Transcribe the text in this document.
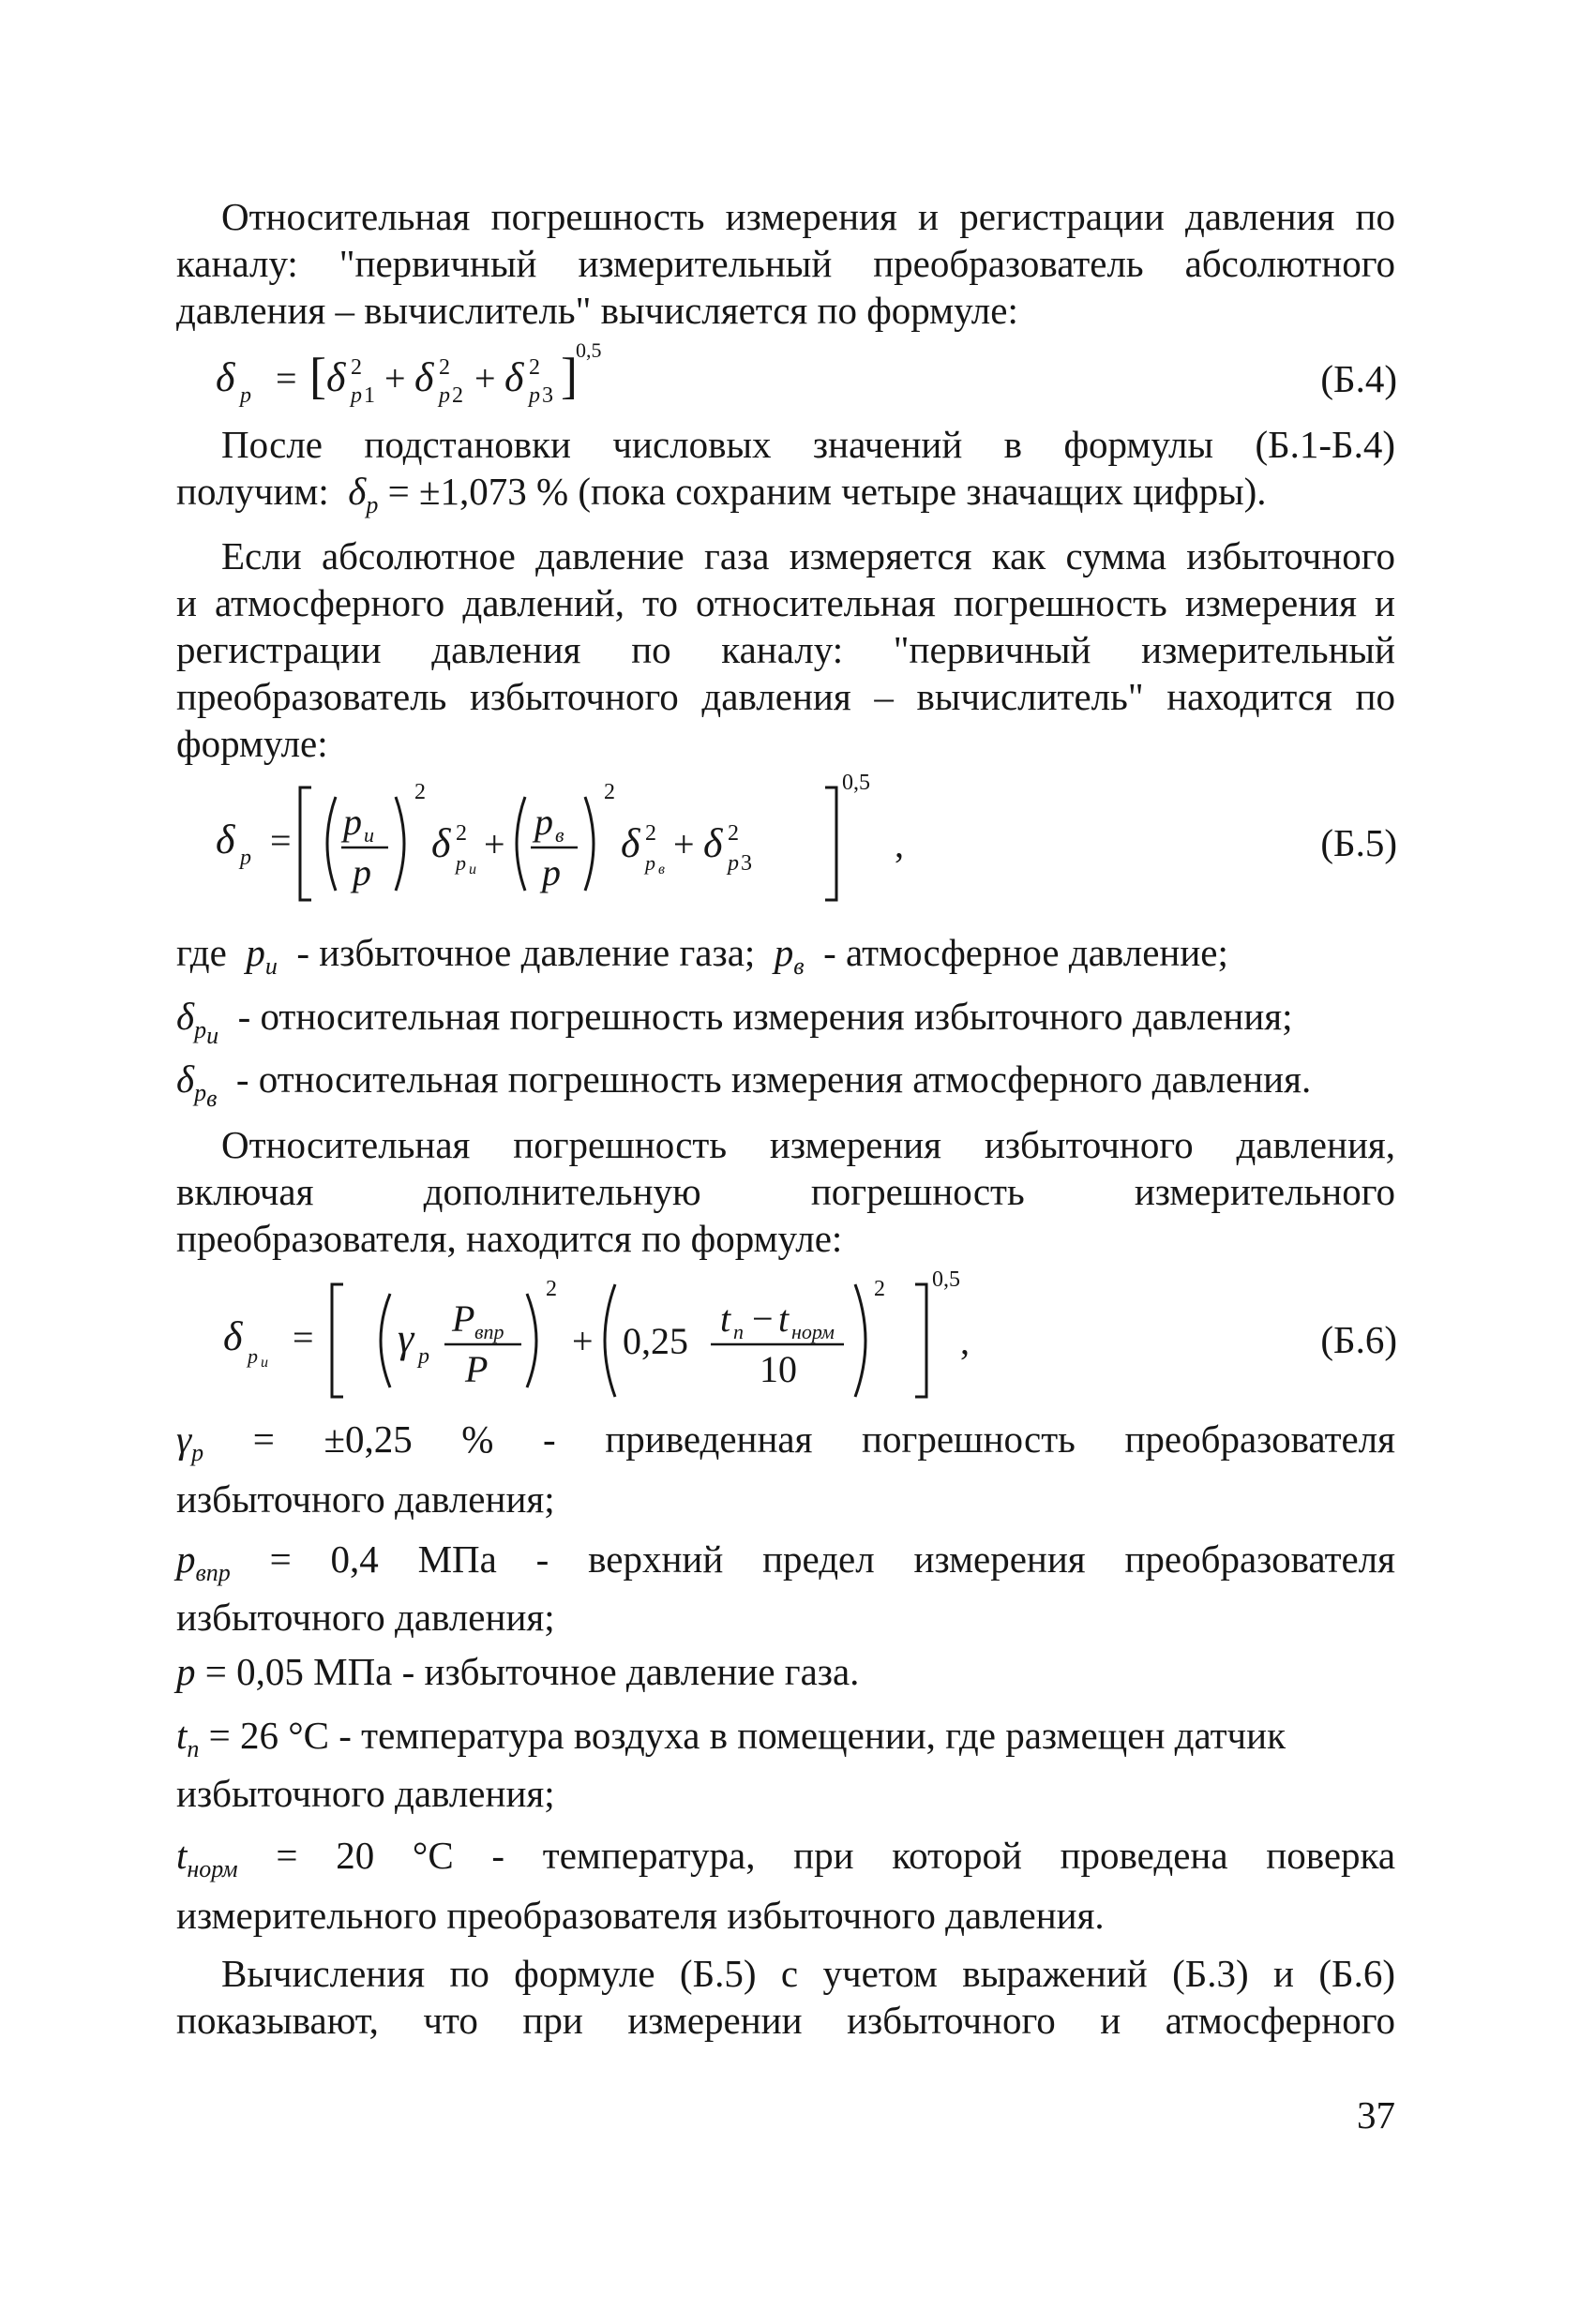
Относительная погрешность измерения и регистрации давления по

каналу: "первичный измерительный преобразователь абсолютного

давления – вычислитель" вычисляется по формуле:

δ p = [ δ 2
p 1 + δ 2
p 2 + δ 2
p 3 ]
0,5
(Б.4)

После подстановки числовых значений в формулы (Б.1-Б.4)

получим:  $\delta_p = \pm 1,073$ % (пока сохраним четыре значащих цифры).

Если абсолютное давление газа измеряется как сумма избыточного

и атмосферного давлений, то относительная погрешность измерения и

регистрации давления по каналу: "первичный измерительный

преобразователь избыточного давления – вычислитель" находится по

формуле:

δ p = p и
p
2
δ 2
p и
+
p в
p
2
δ 2
p в
+ δ 2
p 3
0,5
,	(Б.5)

где  $p_и$ - избыточное давление газа;  $p_в$ - атмосферное давление;

$\delta_{p_и}$ - относительная погрешность измерения избыточного давления;

$\delta_{p_в}$ - относительная погрешность измерения атмосферного давления.

Относительная погрешность измерения избыточного давления,

включая дополнительную погрешность измерительного

преобразователя, находится по формуле:

δ p и
= γ p
P впр
P
2
+ 0,25
t п − t норм
10
2 0,5
,	(Б.6)

$\gamma_p = \pm 0,25$ % - приведенная погрешность преобразователя

избыточного давления;

$p_{впр} = 0,4$ МПа - верхний предел измерения преобразователя

избыточного давления;

p = 0,05 МПа - избыточное давление газа.

$t_п = 26$ °С - температура воздуха в помещении, где размещен датчик

избыточного давления;

$t_{норм} = 20$ °С - температура, при которой проведена поверка

измерительного преобразователя избыточного давления.

Вычисления по формуле (Б.5) с учетом выражений (Б.3) и (Б.6)

показывают, что при измерении избыточного и атмосферного

37
